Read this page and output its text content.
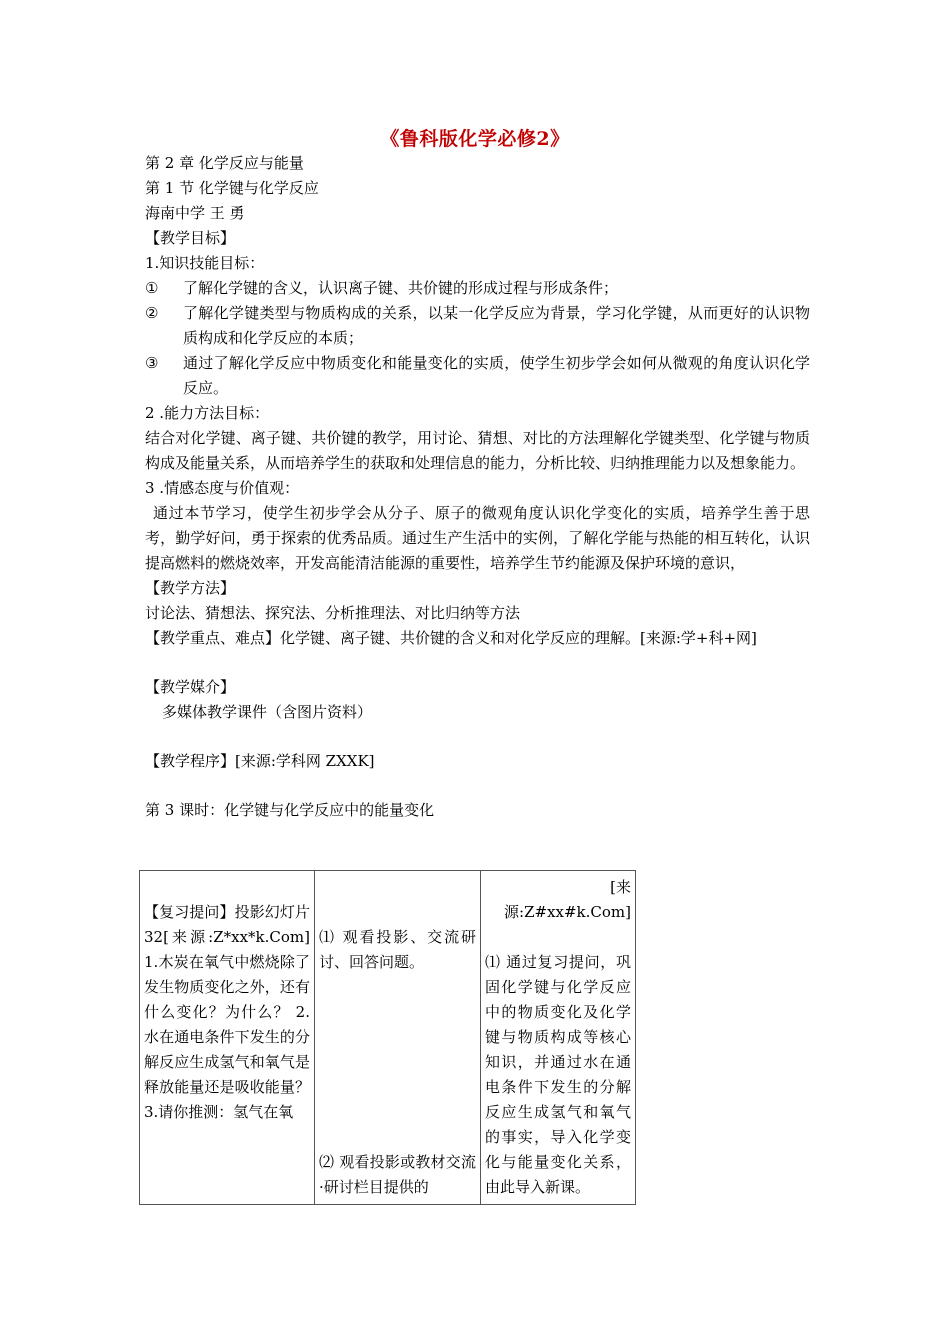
《鲁科版化学必修2》
第 2 章 化学反应与能量
第 1 节 化学键与化学反应
海南中学 王 勇
【教学目标】
1.知识技能目标：
①	了解化学键的含义，认识离子键、共价键的形成过程与形成条件；
②	了解化学键类型与物质构成的关系，以某一化学反应为背景，学习化学键，从而更好的认识物质构成和化学反应的本质；
③	通过了解化学反应中物质变化和能量变化的实质，使学生初步学会如何从微观的角度认识化学反应。
2 .能力方法目标：
结合对化学键、离子键、共价键的教学，用讨论、猜想、对比的方法理解化学键类型、化学键与物质构成及能量关系，从而培养学生的获取和处理信息的能力，分析比较、归纳推理能力以及想象能力。
3 .情感态度与价值观：
通过本节学习，使学生初步学会从分子、原子的微观角度认识化学变化的实质，培养学生善于思考，勤学好问，勇于探索的优秀品质。通过生产生活中的实例，了解化学能与热能的相互转化，认识提高燃料的燃烧效率，开发高能清洁能源的重要性，培养学生节约能源及保护环境的意识，
【教学方法】
讨论法、猜想法、探究法、分析推理法、对比归纳等方法
【教学重点、难点】化学键、离子键、共价键的含义和对化学反应的理解。[来源:学+科+网]
【教学媒介】
多媒体教学课件（含图片资料）
【教学程序】[来源:学科网 ZXXK]
第 3 课时：化学键与化学反应中的能量变化
【复习提问】投影幻灯片 32[来源:Z*xx*k.Com] 1.木炭在氧气中燃烧除了发生物质变化之外，还有什么变化？为什么？ 2.水在通电条件下发生的分解反应生成氢气和氧气是释放能量还是吸收能量？ 3.请你推测：氢气在氧

⑴ 观看投影、交流研讨、回答问题。
⑵ 观看投影或教材交流·研讨栏目提供的

[来源:Z#xx#k.Com]
⑴ 通过复习提问，巩固化学键与化学反应中的物质变化及化学键与物质构成等核心知识，并通过水在通电条件下发生的分解反应生成氢气和氧气的事实，导入化学变化与能量变化关系，由此导入新课。
